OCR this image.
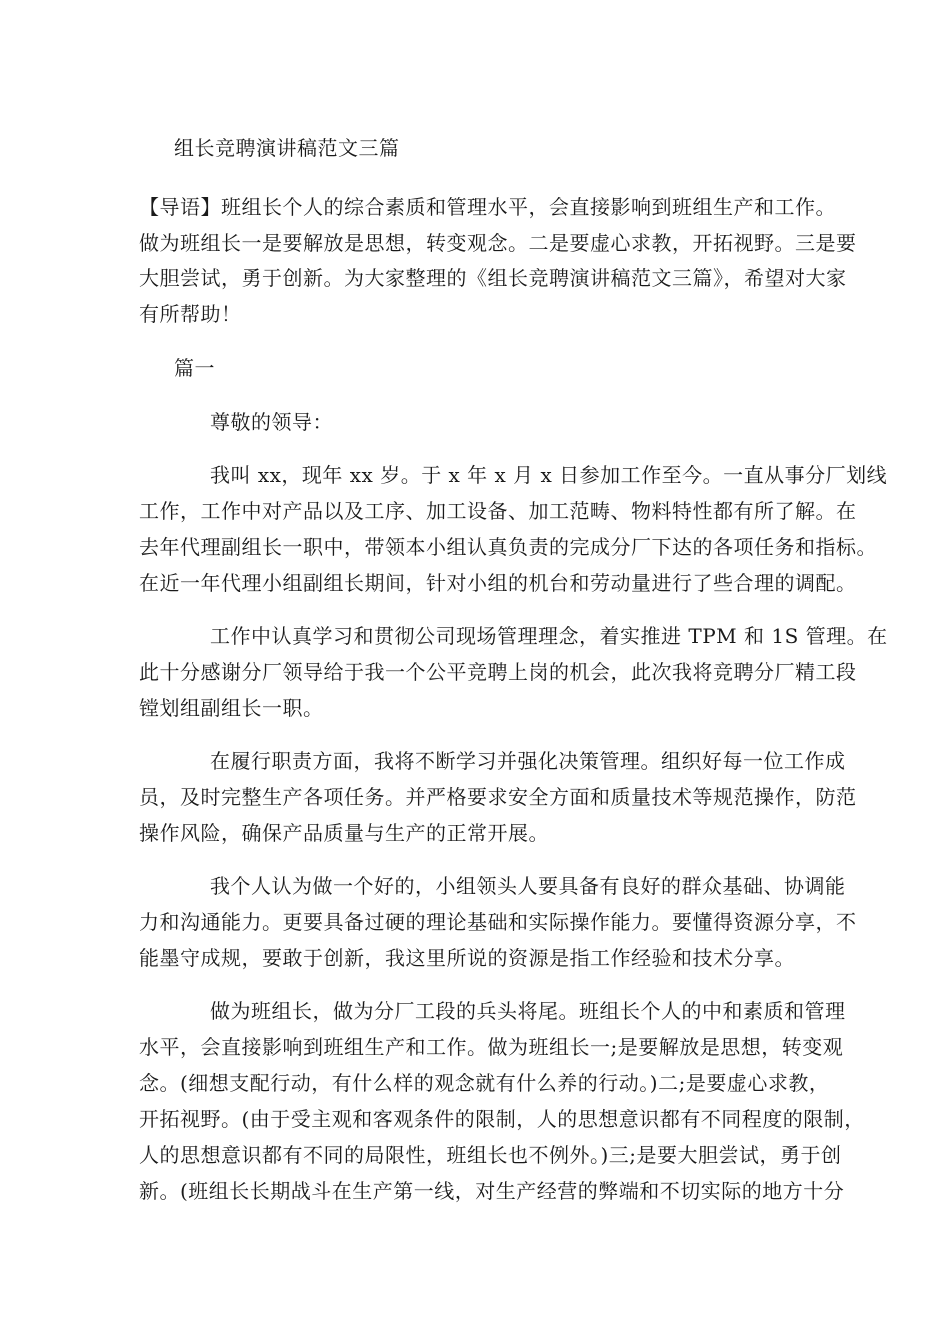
组长竞聘演讲稿范文三篇
【导语】班组长个人的综合素质和管理水平，会直接影响到班组生产和工作。
做为班组长一是要解放是思想，转变观念。二是要虚心求教，开拓视野。三是要
大胆尝试，勇于创新。为大家整理的《组长竞聘演讲稿范文三篇》，希望对大家
有所帮助！
篇一
尊敬的领导：
我叫 xx，现年 xx 岁。于 x 年 x 月 x 日参加工作至今。一直从事分厂划线
工作，工作中对产品以及工序、加工设备、加工范畴、物料特性都有所了解。在
去年代理副组长一职中，带领本小组认真负责的完成分厂下达的各项任务和指标。
在近一年代理小组副组长期间，针对小组的机台和劳动量进行了些合理的调配。
工作中认真学习和贯彻公司现场管理理念，着实推进 TPM 和 1S 管理。在
此十分感谢分厂领导给于我一个公平竞聘上岗的机会，此次我将竞聘分厂精工段
镗划组副组长一职。
在履行职责方面，我将不断学习并强化决策管理。组织好每一位工作成
员，及时完整生产各项任务。并严格要求安全方面和质量技术等规范操作，防范
操作风险，确保产品质量与生产的正常开展。
我个人认为做一个好的，小组领头人要具备有良好的群众基础、协调能
力和沟通能力。更要具备过硬的理论基础和实际操作能力。要懂得资源分享，不
能墨守成规，要敢于创新，我这里所说的资源是指工作经验和技术分享。
做为班组长，做为分厂工段的兵头将尾。班组长个人的中和素质和管理
水平，会直接影响到班组生产和工作。做为班组长一;是要解放是思想，转变观
念。(细想支配行动，有什么样的观念就有什么养的行动。)二;是要虚心求教，
开拓视野。(由于受主观和客观条件的限制，人的思想意识都有不同程度的限制，
人的思想意识都有不同的局限性，班组长也不例外。)三;是要大胆尝试，勇于创
新。(班组长长期战斗在生产第一线，对生产经营的弊端和不切实际的地方十分
